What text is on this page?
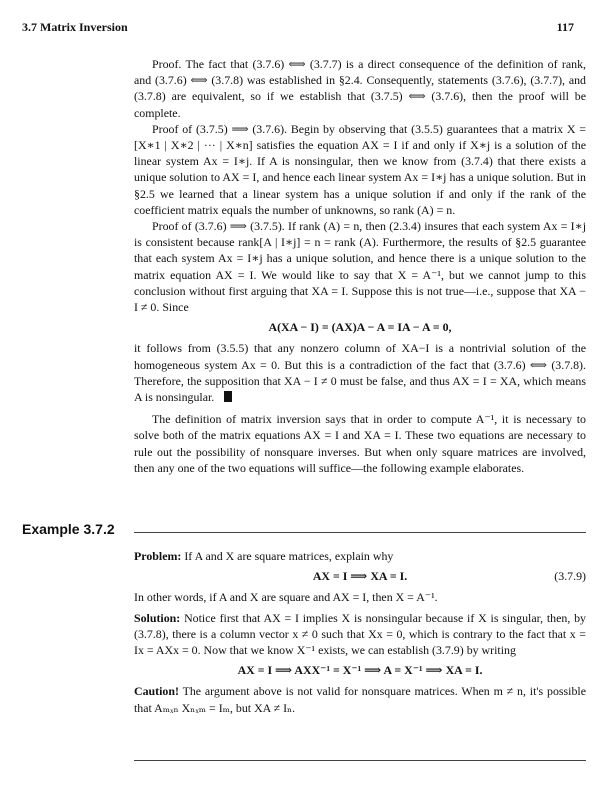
3.7 Matrix Inversion	117

Proof. The fact that (3.7.6) ⟺ (3.7.7) is a direct consequence of the definition of rank, and (3.7.6) ⟺ (3.7.8) was established in §2.4. Consequently, statements (3.7.6), (3.7.7), and (3.7.8) are equivalent, so if we establish that (3.7.5) ⟺ (3.7.6), then the proof will be complete.

Proof of (3.7.5) ⟹ (3.7.6). Begin by observing that (3.5.5) guarantees that a matrix X = [X∗1 | X∗2 | ··· | X∗n] satisfies the equation AX = I if and only if X∗j is a solution of the linear system Ax = I∗j. If A is nonsingular, then we know from (3.7.4) that there exists a unique solution to AX = I, and hence each linear system Ax = I∗j has a unique solution. But in §2.5 we learned that a linear system has a unique solution if and only if the rank of the coefficient matrix equals the number of unknowns, so rank (A) = n.

Proof of (3.7.6) ⟹ (3.7.5). If rank (A) = n, then (2.3.4) insures that each system Ax = I∗j is consistent because rank[A | I∗j] = n = rank (A). Furthermore, the results of §2.5 guarantee that each system Ax = I∗j has a unique solution, and hence there is a unique solution to the matrix equation AX = I. We would like to say that X = A⁻¹, but we cannot jump to this conclusion without first arguing that XA = I. Suppose this is not true—i.e., suppose that XA − I ≠ 0. Since

A(XA − I) = (AX)A − A = IA − A = 0,

it follows from (3.5.5) that any nonzero column of XA−I is a nontrivial solution of the homogeneous system Ax = 0. But this is a contradiction of the fact that (3.7.6) ⟺ (3.7.8). Therefore, the supposition that XA − I ≠ 0 must be false, and thus AX = I = XA, which means A is nonsingular.

The definition of matrix inversion says that in order to compute A⁻¹, it is necessary to solve both of the matrix equations AX = I and XA = I. These two equations are necessary to rule out the possibility of nonsquare inverses. But when only square matrices are involved, then any one of the two equations will suffice—the following example elaborates.

Example 3.7.2

Problem: If A and X are square matrices, explain why

AX = I ⟹ XA = I.	(3.7.9)

In other words, if A and X are square and AX = I, then X = A⁻¹.

Solution: Notice first that AX = I implies X is nonsingular because if X is singular, then, by (3.7.8), there is a column vector x ≠ 0 such that Xx = 0, which is contrary to the fact that x = Ix = AXx = 0. Now that we know X⁻¹ exists, we can establish (3.7.9) by writing

AX = I ⟹ AXX⁻¹ = X⁻¹ ⟹ A = X⁻¹ ⟹ XA = I.

Caution! The argument above is not valid for nonsquare matrices. When m ≠ n, it's possible that Aₘₓₙ Xₙₓₘ = Iₘ, but XA ≠ Iₙ.
